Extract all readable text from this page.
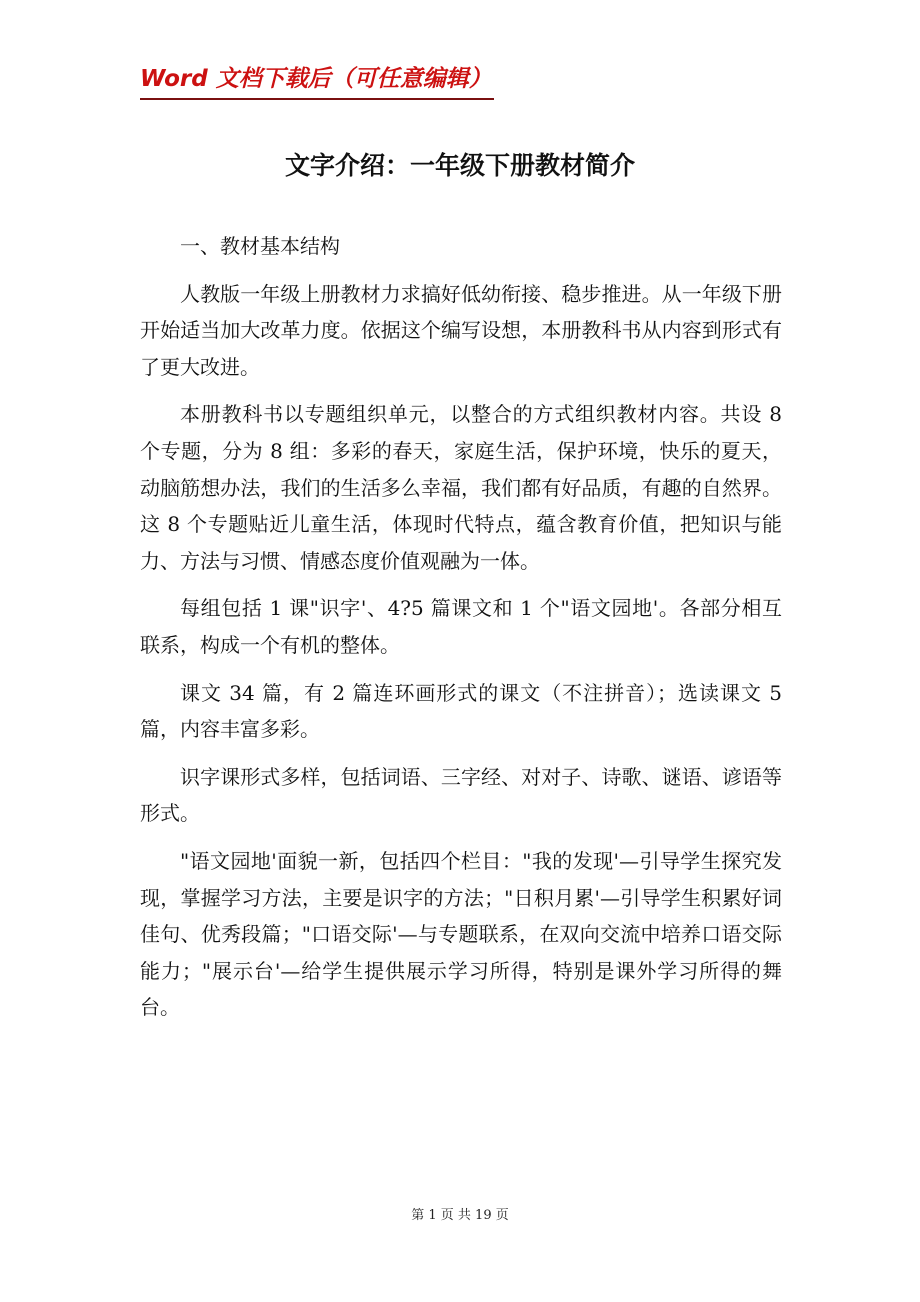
Word 文档下载后（可任意编辑）
文字介绍：一年级下册教材简介

一、教材基本结构

人教版一年级上册教材力求搞好低幼衔接、稳步推进。从一年级下册开始适当加大改革力度。依据这个编写设想，本册教科书从内容到形式有了更大改进。

本册教科书以专题组织单元，以整合的方式组织教材内容。共设 8 个专题，分为 8 组：多彩的春天，家庭生活，保护环境，快乐的夏天，动脑筋想办法，我们的生活多么幸福，我们都有好品质，有趣的自然界。这 8 个专题贴近儿童生活，体现时代特点，蕴含教育价值，把知识与能力、方法与习惯、情感态度价值观融为一体。

每组包括 1 课"识字'、4?5 篇课文和 1 个"语文园地'。各部分相互联系，构成一个有机的整体。

课文 34 篇，有 2 篇连环画形式的课文（不注拼音）；选读课文 5 篇，内容丰富多彩。

识字课形式多样，包括词语、三字经、对对子、诗歌、谜语、谚语等形式。

"语文园地'面貌一新，包括四个栏目："我的发现'—引导学生探究发现，掌握学习方法，主要是识字的方法；"日积月累'—引导学生积累好词佳句、优秀段篇；"口语交际'—与专题联系，在双向交流中培养口语交际能力；"展示台'—给学生提供展示学习所得，特别是课外学习所得的舞台。

第 1 页 共 19 页
